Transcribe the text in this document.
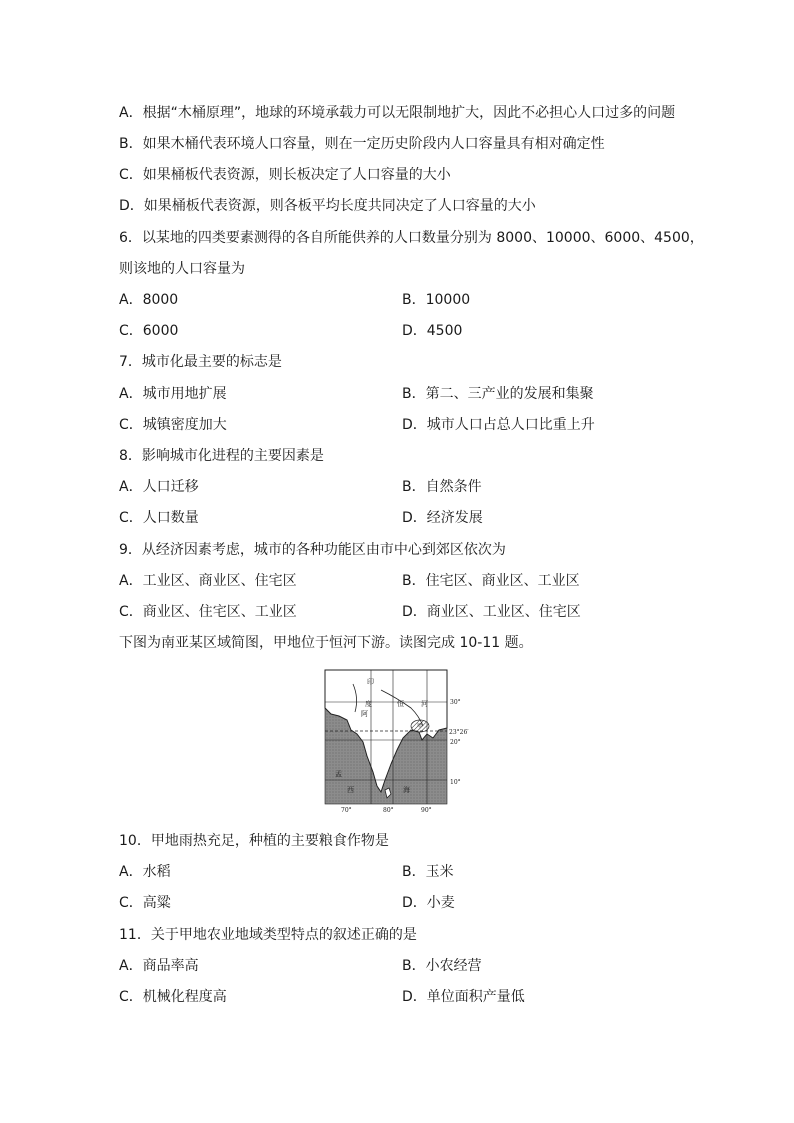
A．根据“木桶原理”，地球的环境承载力可以无限制地扩大，因此不必担心人口过多的问题
B．如果木桶代表环境人口容量，则在一定历史阶段内人口容量具有相对确定性
C．如果桶板代表资源，则长板决定了人口容量的大小
D．如果桶板代表资源，则各板平均长度共同决定了人口容量的大小
6．以某地的四类要素测得的各自所能供养的人口数量分别为 8000、10000、6000、4500，
则该地的人口容量为
A．8000	B．10000
C．6000	D．4500
7．城市化最主要的标志是
A．城市用地扩展	B．第二、三产业的发展和集聚
C．城镇密度加大	D．城市人口占总人口比重上升
8．影响城市化进程的主要因素是
A．人口迁移	B．自然条件
C．人口数量	D．经济发展
9．从经济因素考虑，城市的各种功能区由市中心到郊区依次为
A．工业区、商业区、住宅区	B．住宅区、商业区、工业区
C．商业区、住宅区、工业区	D．商业区、工业区、住宅区
下图为南亚某区域简图，甲地位于恒河下游。读图完成 10-11 题。
印
度	恒 河
阿
甲
西	海
孟
30°
23°26′
20°
10°
70°	80°	90°
10．甲地雨热充足，种植的主要粮食作物是
A．水稻	B．玉米
C．高粱	D．小麦
11．关于甲地农业地域类型特点的叙述正确的是
A．商品率高	B．小农经营
C．机械化程度高	D．单位面积产量低
